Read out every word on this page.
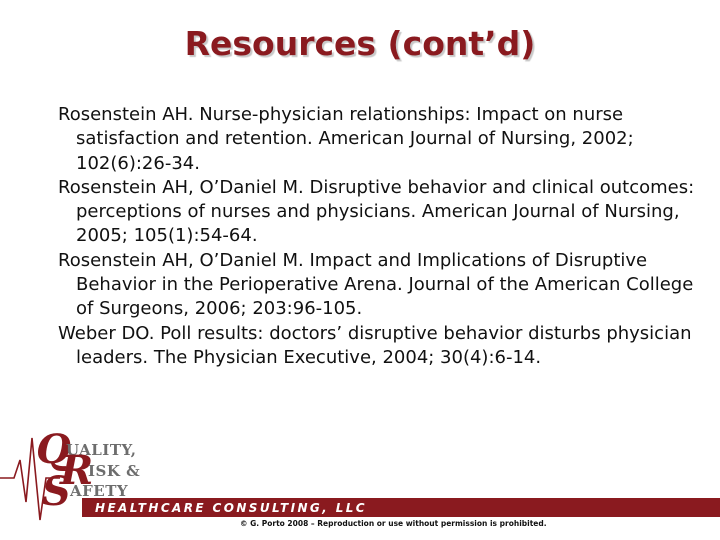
Resources (cont’d)
Rosenstein AH. Nurse-physician relationships: Impact on nurse satisfaction and retention. American Journal of Nursing, 2002; 102(6):26-34.
Rosenstein AH, O’Daniel M. Disruptive behavior and clinical outcomes: perceptions of nurses and physicians. American Journal of Nursing, 2005; 105(1):54-64.
Rosenstein AH, O’Daniel M. Impact and Implications of Disruptive Behavior in the Perioperative Arena. Journal of the American College of Surgeons, 2006; 203:96-105.
Weber DO. Poll results: doctors’ disruptive behavior disturbs physician leaders. The Physician Executive, 2004; 30(4):6-14.
Q
UALITY,
R
ISK &
S AFETY
HEALTHCARE CONSULTING, LLC
© G. Porto 2008 – Reproduction or use without permission is prohibited.
